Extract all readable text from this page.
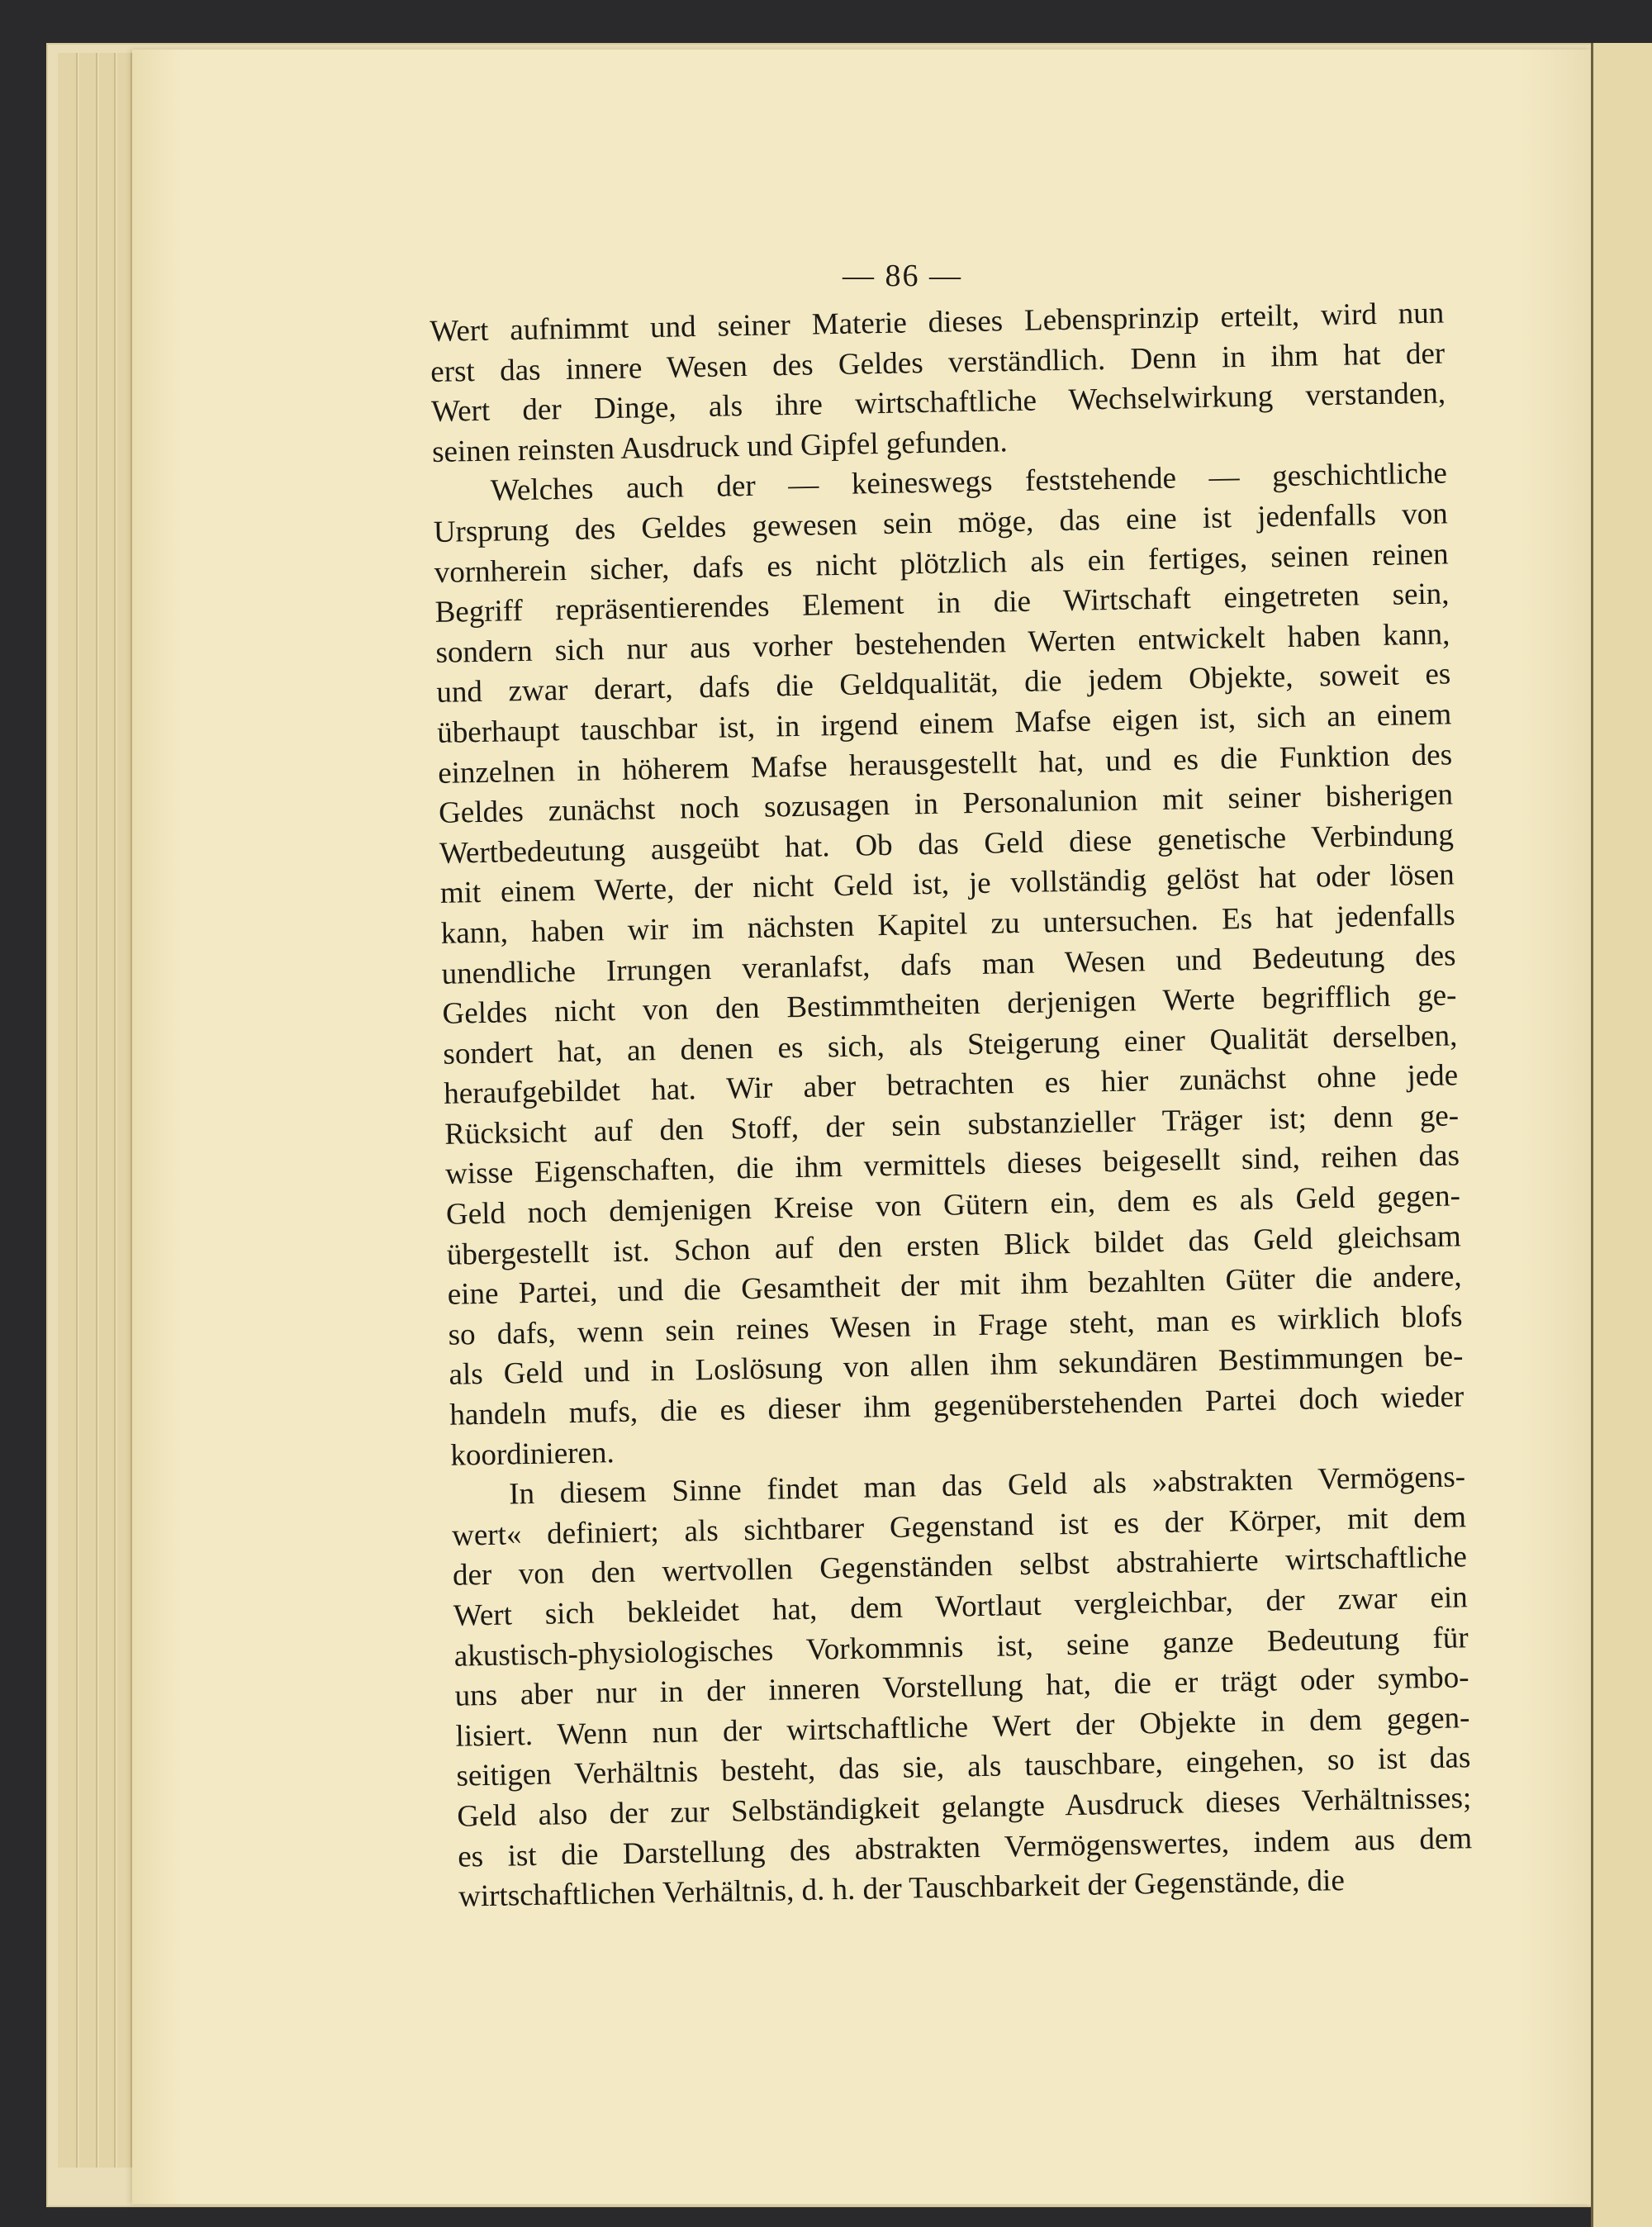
— 86 —
Wert aufnimmt und seiner Materie dieses Lebensprinzip erteilt, wird nun
erst das innere Wesen des Geldes verständlich. Denn in ihm hat der
Wert der Dinge, als ihre wirtschaftliche Wechselwirkung verstanden,
seinen reinsten Ausdruck und Gipfel gefunden.
Welches auch der — keineswegs feststehende — geschichtliche
Ursprung des Geldes gewesen sein möge, das eine ist jedenfalls von
vornherein sicher, dafs es nicht plötzlich als ein fertiges, seinen reinen
Begriff repräsentierendes Element in die Wirtschaft eingetreten sein,
sondern sich nur aus vorher bestehenden Werten entwickelt haben kann,
und zwar derart, dafs die Geldqualität, die jedem Objekte, soweit es
überhaupt tauschbar ist, in irgend einem Mafse eigen ist, sich an einem
einzelnen in höherem Mafse herausgestellt hat, und es die Funktion des
Geldes zunächst noch sozusagen in Personalunion mit seiner bisherigen
Wertbedeutung ausgeübt hat. Ob das Geld diese genetische Verbindung
mit einem Werte, der nicht Geld ist, je vollständig gelöst hat oder lösen
kann, haben wir im nächsten Kapitel zu untersuchen. Es hat jedenfalls
unendliche Irrungen veranlafst, dafs man Wesen und Bedeutung des
Geldes nicht von den Bestimmtheiten derjenigen Werte begrifflich ge-
sondert hat, an denen es sich, als Steigerung einer Qualität derselben,
heraufgebildet hat. Wir aber betrachten es hier zunächst ohne jede
Rücksicht auf den Stoff, der sein substanzieller Träger ist; denn ge-
wisse Eigenschaften, die ihm vermittels dieses beigesellt sind, reihen das
Geld noch demjenigen Kreise von Gütern ein, dem es als Geld gegen-
übergestellt ist. Schon auf den ersten Blick bildet das Geld gleichsam
eine Partei, und die Gesamtheit der mit ihm bezahlten Güter die andere,
so dafs, wenn sein reines Wesen in Frage steht, man es wirklich blofs
als Geld und in Loslösung von allen ihm sekundären Bestimmungen be-
handeln mufs, die es dieser ihm gegenüberstehenden Partei doch wieder
koordinieren.
In diesem Sinne findet man das Geld als »abstrakten Vermögens-
wert« definiert; als sichtbarer Gegenstand ist es der Körper, mit dem
der von den wertvollen Gegenständen selbst abstrahierte wirtschaftliche
Wert sich bekleidet hat, dem Wortlaut vergleichbar, der zwar ein
akustisch-physiologisches Vorkommnis ist, seine ganze Bedeutung für
uns aber nur in der inneren Vorstellung hat, die er trägt oder symbo-
lisiert. Wenn nun der wirtschaftliche Wert der Objekte in dem gegen-
seitigen Verhältnis besteht, das sie, als tauschbare, eingehen, so ist das
Geld also der zur Selbständigkeit gelangte Ausdruck dieses Verhältnisses;
es ist die Darstellung des abstrakten Vermögenswertes, indem aus dem
wirtschaftlichen Verhältnis, d. h. der Tauschbarkeit der Gegenstände, die
